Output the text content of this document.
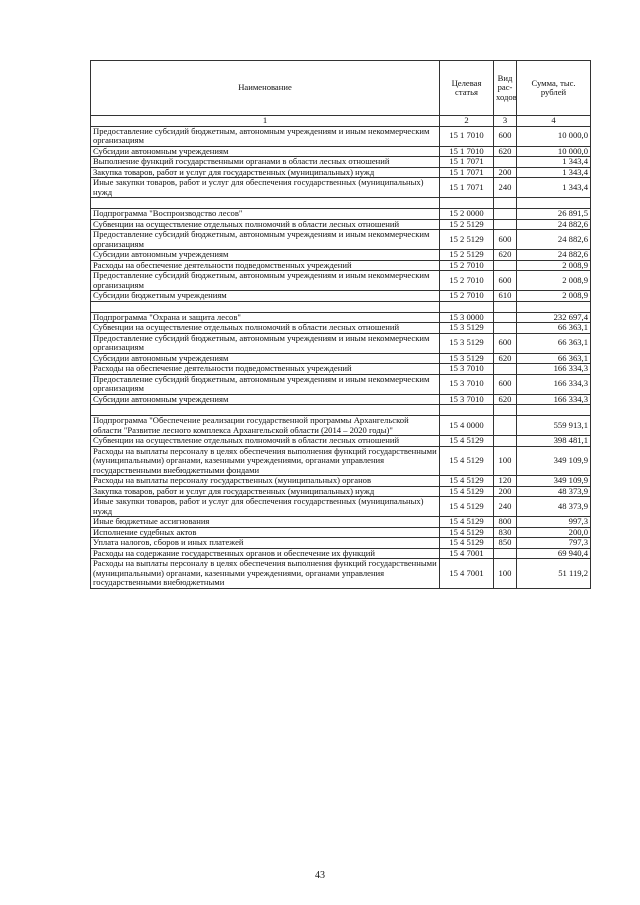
Наименование	Целевая статья	Вид рас-ходов	Сумма, тыс. рублей
1	2	3	4
Предоставление субсидий бюджетным, автономным учреждениям и иным некоммерческим организациям	15 1 7010	600	10 000,0
Субсидии автономным учреждениям	15 1 7010	620	10 000,0
Выполнение функций государственными органами в области лесных отношений	15 1 7071		1 343,4
Закупка товаров, работ и услуг для государственных (муниципальных) нужд	15 1 7071	200	1 343,4
Иные закупки товаров, работ и услуг для обеспечения государственных (муниципальных) нужд	15 1 7071	240	1 343,4

Подпрограмма "Воспроизводство лесов"	15 2 0000		26 891,5
Субвенции на осуществление отдельных полномочий в области лесных отношений	15 2 5129		24 882,6
Предоставление субсидий бюджетным, автономным учреждениям и иным некоммерческим организациям	15 2 5129	600	24 882,6
Субсидии автономным учреждениям	15 2 5129	620	24 882,6
Расходы на обеспечение деятельности подведомственных учреждений	15 2 7010		2 008,9
Предоставление субсидий бюджетным, автономным учреждениям и иным некоммерческим организациям	15 2 7010	600	2 008,9
Субсидии бюджетным учреждениям	15 2 7010	610	2 008,9

Подпрограмма "Охрана и защита лесов"	15 3 0000		232 697,4
Субвенции на осуществление отдельных полномочий в области лесных отношений	15 3 5129		66 363,1
Предоставление субсидий бюджетным, автономным учреждениям и иным некоммерческим организациям	15 3 5129	600	66 363,1
Субсидии автономным учреждениям	15 3 5129	620	66 363,1
Расходы на обеспечение деятельности подведомственных учреждений	15 3 7010		166 334,3
Предоставление субсидий бюджетным, автономным учреждениям и иным некоммерческим организациям	15 3 7010	600	166 334,3
Субсидии автономным учреждениям	15 3 7010	620	166 334,3

Подпрограмма "Обеспечение реализации государственной программы Архангельской области "Развитие лесного комплекса Архангельской области (2014 – 2020 годы)"	15 4 0000		559 913,1
Субвенции на осуществление отдельных полномочий в области лесных отношений	15 4 5129		398 481,1
Расходы на выплаты персоналу в целях обеспечения выполнения функций государственными (муниципальными) органами, казенными учреждениями, органами управления государственными внебюджетными фондами	15 4 5129	100	349 109,9
Расходы на выплаты персоналу государственных (муниципальных) органов	15 4 5129	120	349 109,9
Закупка товаров, работ и услуг для государственных (муниципальных) нужд	15 4 5129	200	48 373,9
Иные закупки товаров, работ и услуг для обеспечения государственных (муниципальных) нужд	15 4 5129	240	48 373,9
Иные бюджетные ассигнования	15 4 5129	800	997,3
Исполнение судебных актов	15 4 5129	830	200,0
Уплата налогов, сборов и иных платежей	15 4 5129	850	797,3
Расходы на содержание государственных органов и обеспечение их функций	15 4 7001		69 940,4
Расходы на выплаты персоналу в целях обеспечения выполнения функций государственными (муниципальными) органами, казенными учреждениями, органами управления государственными внебюджетными	15 4 7001	100	51 119,2
43
